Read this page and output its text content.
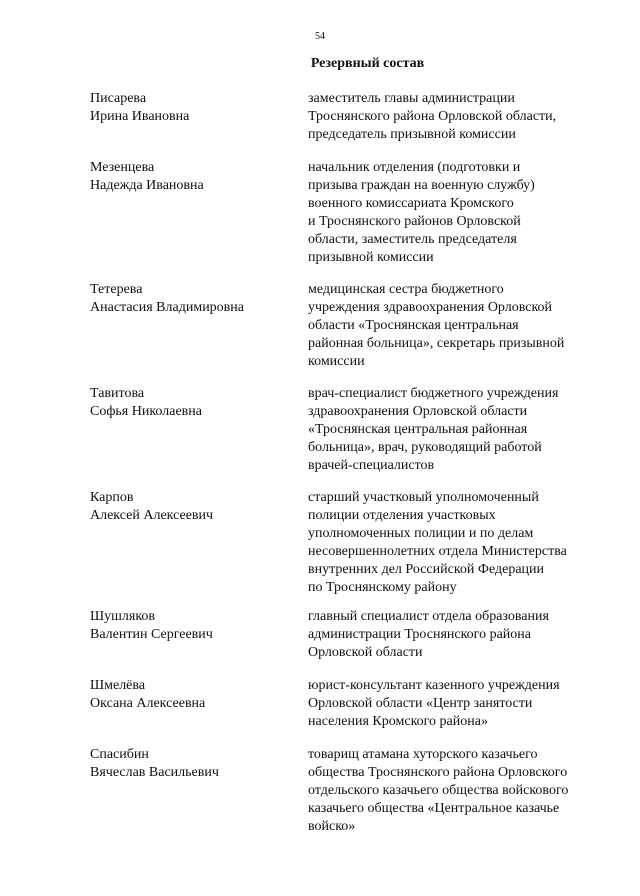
54
Резервный состав
Писарева
Ирина Ивановна
заместитель главы администрации
Троснянского района Орловской области,
председатель призывной комиссии
Мезенцева
Надежда Ивановна
начальник отделения (подготовки и
призыва граждан на военную службу)
военного комиссариата Кромского
и Троснянского районов Орловской
области, заместитель председателя
призывной комиссии
Тетерева
Анастасия Владимировна
медицинская сестра бюджетного
учреждения здравоохранения Орловской
области «Троснянская центральная
районная больница», секретарь призывной
комиссии
Тавитова
Софья Николаевна
врач-специалист бюджетного учреждения
здравоохранения Орловской области
«Троснянская центральная районная
больница», врач, руководящий работой
врачей-специалистов
Карпов
Алексей Алексеевич
старший участковый уполномоченный
полиции отделения участковых
уполномоченных полиции и по делам
несовершеннолетних отдела Министерства
внутренних дел Российской Федерации
по Троснянскому району
Шушляков
Валентин Сергеевич
главный специалист отдела образования
администрации Троснянского района
Орловской области
Шмелёва
Оксана Алексеевна
юрист-консультант казенного учреждения
Орловской области «Центр занятости
населения Кромского района»
Спасибин
Вячеслав Васильевич
товарищ атамана хуторского казачьего
общества Троснянского района Орловского
отдельского казачьего общества войскового
казачьего общества «Центральное казачье
войско»
